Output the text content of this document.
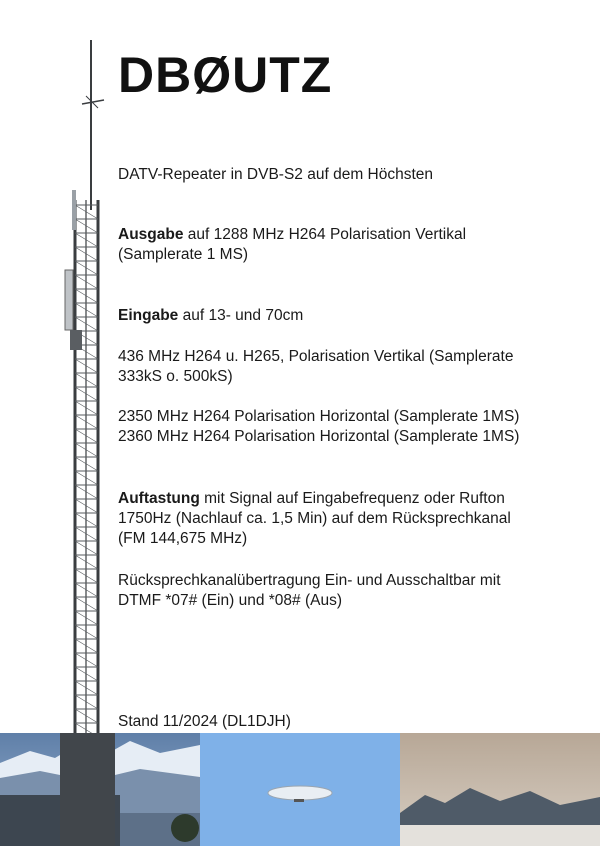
DBØUTZ

DATV-Repeater in DVB-S2 auf dem Höchsten

Ausgabe auf 1288 MHz H264 Polarisation Vertikal
(Samplerate 1 MS)
Eingabe auf 13- und 70cm
436 MHz H264 u. H265, Polarisation Vertikal (Samplerate
333kS o. 500kS)
2350 MHz H264 Polarisation Horizontal (Samplerate 1MS)
2360 MHz H264 Polarisation Horizontal (Samplerate 1MS)
Auftastung mit Signal auf Eingabefrequenz oder Rufton
1750Hz (Nachlauf ca. 1,5 Min) auf dem Rücksprechkanal
(FM 144,675 MHz)
Rücksprechkanalübertragung Ein- und Ausschaltbar mit
DTMF *07# (Ein) und *08# (Aus)

Stand 11/2024 (DL1DJH)
